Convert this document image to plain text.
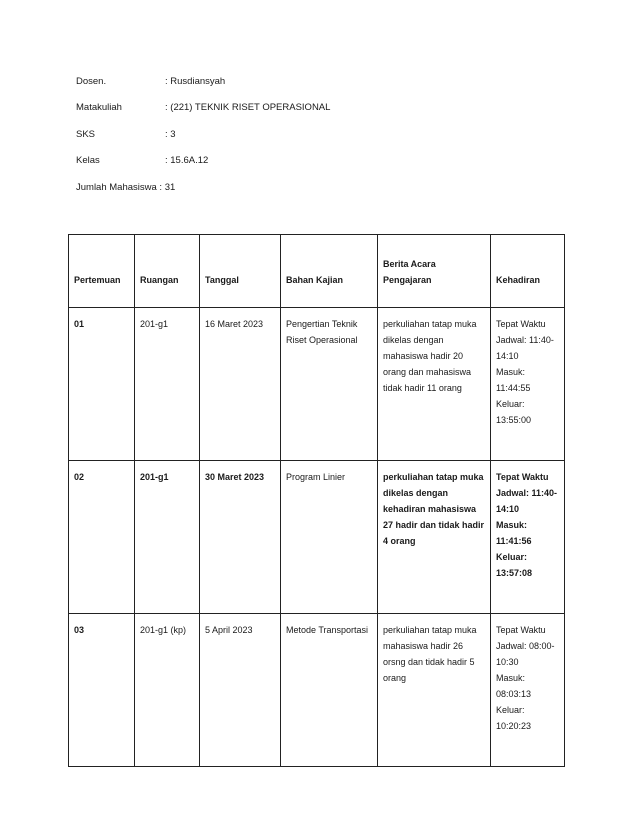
Dosen.	: Rusdiansyah
Matakuliah	: (221) TEKNIK RISET OPERASIONAL
SKS	: 3
Kelas	: 15.6A.12
Jumlah Mahasiswa : 31
Pertemuan	Ruangan	Tanggal	Bahan Kajian	Berita Acara Pengajaran	Kehadiran
01	201-g1	16 Maret 2023	Pengertian Teknik Riset Operasional	perkuliahan tatap muka dikelas dengan mahasiswa hadir 20 orang dan mahasiswa tidak hadir 11 orang	Tepat Waktu
Jadwal: 11:40-14:10
Masuk: 11:44:55
Keluar: 13:55:00

02	201-g1	30 Maret 2023	Program Linier	perkuliahan tatap muka dikelas dengan kehadiran mahasiswa 27 hadir dan tidak hadir 4 orang	Tepat Waktu
Jadwal: 11:40-14:10
Masuk: 11:41:56
Keluar: 13:57:08

03	201-g1 (kp)	5 April 2023	Metode Transportasi	perkuliahan tatap muka mahasiswa hadir 26 orsng dan tidak hadir 5 orang	Tepat Waktu
Jadwal: 08:00-10:30
Masuk: 08:03:13
Keluar: 10:20:23
